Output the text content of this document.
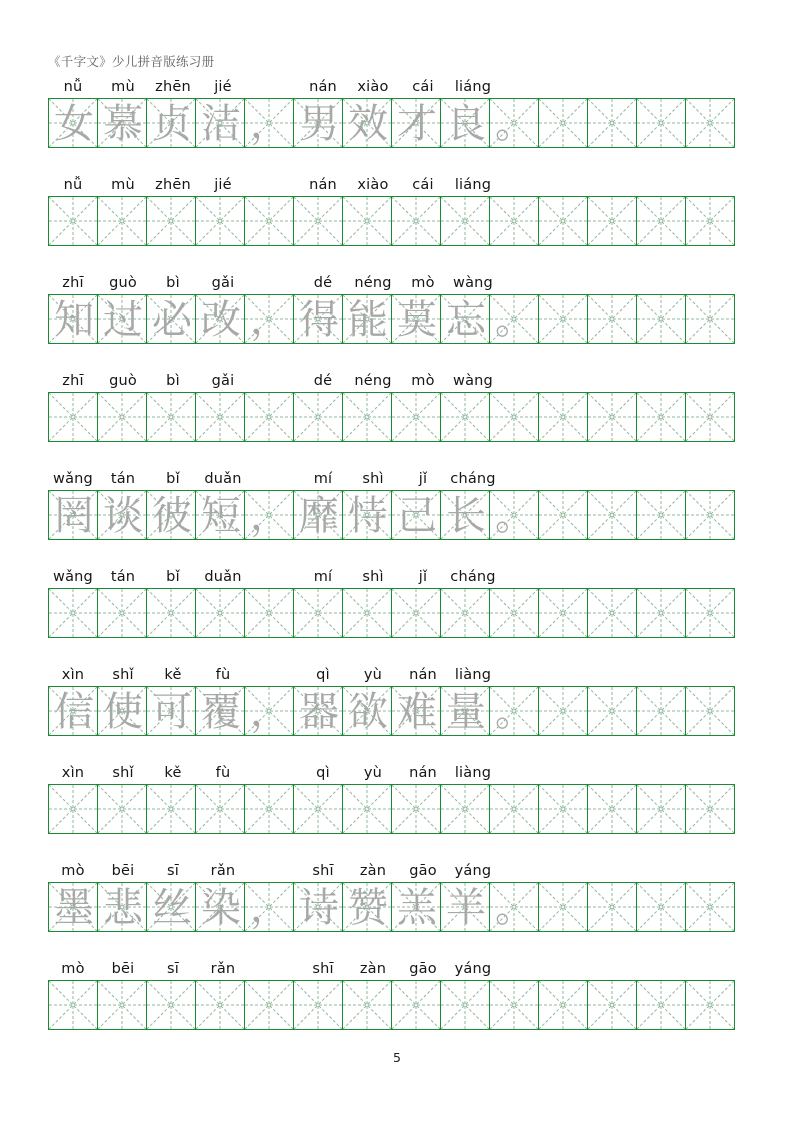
《千字文》少儿拼音版练习册
nǚ	mù	zhēn	jié	nán	xiào	cái	liáng
女 慕 贞 洁 ， 男 效 才 良 。
nǚ	mù	zhēn	jié	nán	xiào	cái	liáng
zhī	guò	bì	gǎi	dé	néng	mò	wàng
知 过 必 改 ， 得 能 莫 忘 。
zhī	guò	bì	gǎi	dé	néng	mò	wàng
wǎng	tán	bǐ	duǎn	mí	shì	jǐ	cháng
罔 谈 彼 短 ， 靡 恃 己 长 。
wǎng	tán	bǐ	duǎn	mí	shì	jǐ	cháng
xìn	shǐ	kě	fù	qì	yù	nán	liàng
信 使 可 覆 ， 器 欲 难 量 。
xìn	shǐ	kě	fù	qì	yù	nán	liàng
mò	bēi	sī	rǎn	shī	zàn	gāo	yáng
墨 悲 丝 染 ， 诗 赞 羔 羊 。
mò	bēi	sī	rǎn	shī	zàn	gāo	yáng
5
